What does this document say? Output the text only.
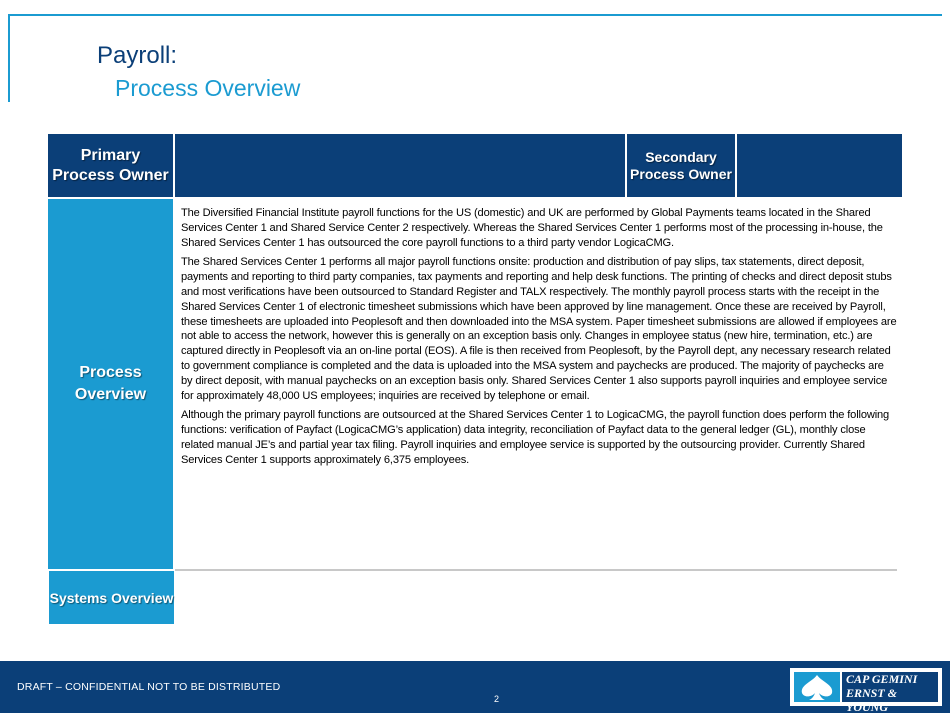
Payroll:
Process Overview
Primary Process Owner
Secondary Process Owner
Process Overview

The Diversified Financial Institute payroll functions for the US (domestic) and UK are performed by Global Payments teams located in the Shared Services Center 1 and Shared Service Center 2 respectively. Whereas the Shared Services Center 1 performs most of the processing in-house, the Shared Services Center 1 has outsourced the core payroll functions to a third party vendor LogicaCMG.

The Shared Services Center 1 performs all major payroll functions onsite: production and distribution of pay slips, tax statements, direct deposit, payments and reporting to third party companies, tax payments and reporting and help desk functions. The printing of checks and direct deposit stubs and most verifications have been outsourced to Standard Register and TALX respectively. The monthly payroll process starts with the receipt in the Shared Services Center 1 of electronic timesheet submissions which have been approved by line management. Once these are received by Payroll, these timesheets are uploaded into Peoplesoft and then downloaded into the MSA system. Paper timesheet submissions are allowed if employees are not able to access the network, however this is generally on an exception basis only. Changes in employee status (new hire, termination, etc.) are captured directly in Peoplesoft via an on-line portal (EOS). A file is then received from Peoplesoft, by the Payroll dept, any necessary research related to government compliance is completed and the data is uploaded into the MSA system and paychecks are produced. The majority of paychecks are by direct deposit, with manual paychecks on an exception basis only. Shared Services Center 1 also supports payroll inquiries and employee service for approximately 48,000 US employees; inquiries are received by telephone or email.

Although the primary payroll functions are outsourced at the Shared Services Center 1 to LogicaCMG, the payroll function does perform the following functions: verification of Payfact (LogicaCMG’s application) data integrity, reconciliation of Payfact data to the general ledger (GL), monthly close related manual JE’s and partial year tax filing. Payroll inquiries and employee service is supported by the outsourcing provider. Currently Shared Services Center 1 supports approximately 6,375 employees.

Systems Overview
DRAFT – CONFIDENTIAL NOT TO BE DISTRIBUTED
2
CAP GEMINI
ERNST & YOUNG
